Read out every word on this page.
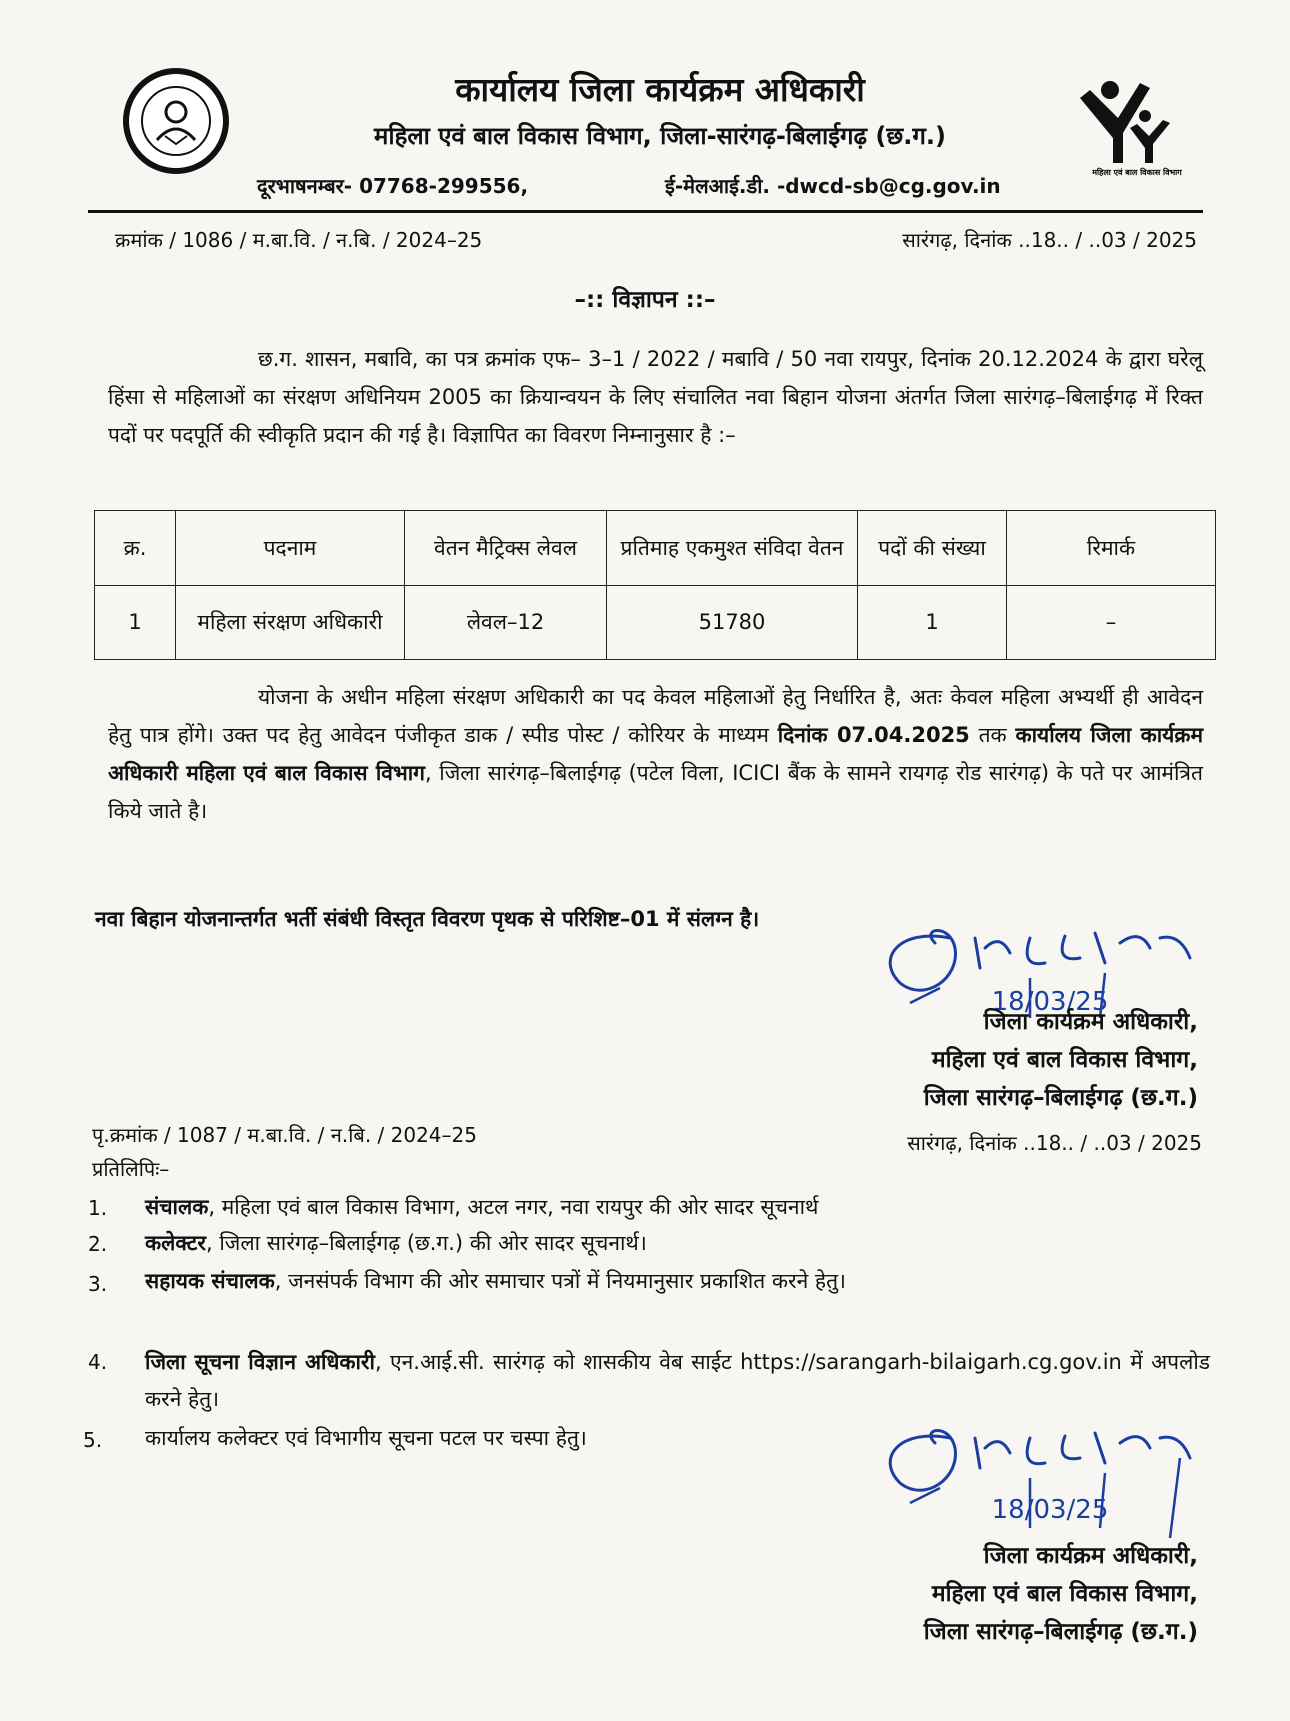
महिला एवं बाल विकास विभाग
कार्यालय जिला कार्यक्रम अधिकारी
महिला एवं बाल विकास विभाग, जिला-सारंगढ़-बिलाईगढ़ (छ.ग.)
दूरभाषनम्बर- 07768-299556,	ई-मेलआई.डी. -dwcd-sb@cg.gov.in
क्रमांक / 1086 / म.बा.वि. / न.बि. / 2024–25	सारंगढ़, दिनांक ..18.. / ..03 / 2025
–:: विज्ञापन ::–
छ.ग. शासन, मबावि, का पत्र क्रमांक एफ– 3–1 / 2022 / मबावि / 50 नवा रायपुर, दिनांक 20.12.2024 के द्वारा घरेलू हिंसा से महिलाओं का संरक्षण अधिनियम 2005 का क्रियान्वयन के लिए संचालित नवा बिहान योजना अंतर्गत जिला सारंगढ़–बिलाईगढ़ में रिक्त पदों पर पदपूर्ति की स्वीकृति प्रदान की गई है। विज्ञापित का विवरण निम्नानुसार है :–
क्र.	पदनाम	वेतन मैट्रिक्स लेवल	प्रतिमाह एकमुश्त संविदा वेतन	पदों की संख्या	रिमार्क
1	महिला संरक्षण अधिकारी	लेवल–12	51780	1	–
योजना के अधीन महिला संरक्षण अधिकारी का पद केवल महिलाओं हेतु निर्धारित है, अतः केवल महिला अभ्यर्थी ही आवेदन हेतु पात्र होंगे। उक्त पद हेतु आवेदन पंजीकृत डाक / स्पीड पोस्ट / कोरियर के माध्यम दिनांक 07.04.2025 तक कार्यालय जिला कार्यक्रम अधिकारी महिला एवं बाल विकास विभाग, जिला सारंगढ़–बिलाईगढ़ (पटेल विला, ICICI बैंक के सामने रायगढ़ रोड सारंगढ़) के पते पर आमंत्रित किये जाते है।
नवा बिहान योजनान्तर्गत भर्ती संबंधी विस्तृत विवरण पृथक से परिशिष्ट–01 में संलग्न है।
18/03/25
जिला कार्यक्रम अधिकारी,
महिला एवं बाल विकास विभाग,
जिला सारंगढ़–बिलाईगढ़ (छ.ग.)
पृ.क्रमांक / 1087 / म.बा.वि. / न.बि. / 2024–25	सारंगढ़, दिनांक ..18.. / ..03 / 2025
प्रतिलिपिः–
1. संचालक, महिला एवं बाल विकास विभाग, अटल नगर, नवा रायपुर की ओर सादर सूचनार्थ
2. कलेक्टर, जिला सारंगढ़–बिलाईगढ़ (छ.ग.) की ओर सादर सूचनार्थ।
3. सहायक संचालक, जनसंपर्क विभाग की ओर समाचार पत्रों में नियमानुसार प्रकाशित करने हेतु।
4. जिला सूचना विज्ञान अधिकारी, एन.आई.सी. सारंगढ़ को शासकीय वेब साईट https://sarangarh-bilaigarh.cg.gov.in में अपलोड करने हेतु।
5. कार्यालय कलेक्टर एवं विभागीय सूचना पटल पर चस्पा हेतु।
18/03/25
जिला कार्यक्रम अधिकारी,
महिला एवं बाल विकास विभाग,
जिला सारंगढ़–बिलाईगढ़ (छ.ग.)
